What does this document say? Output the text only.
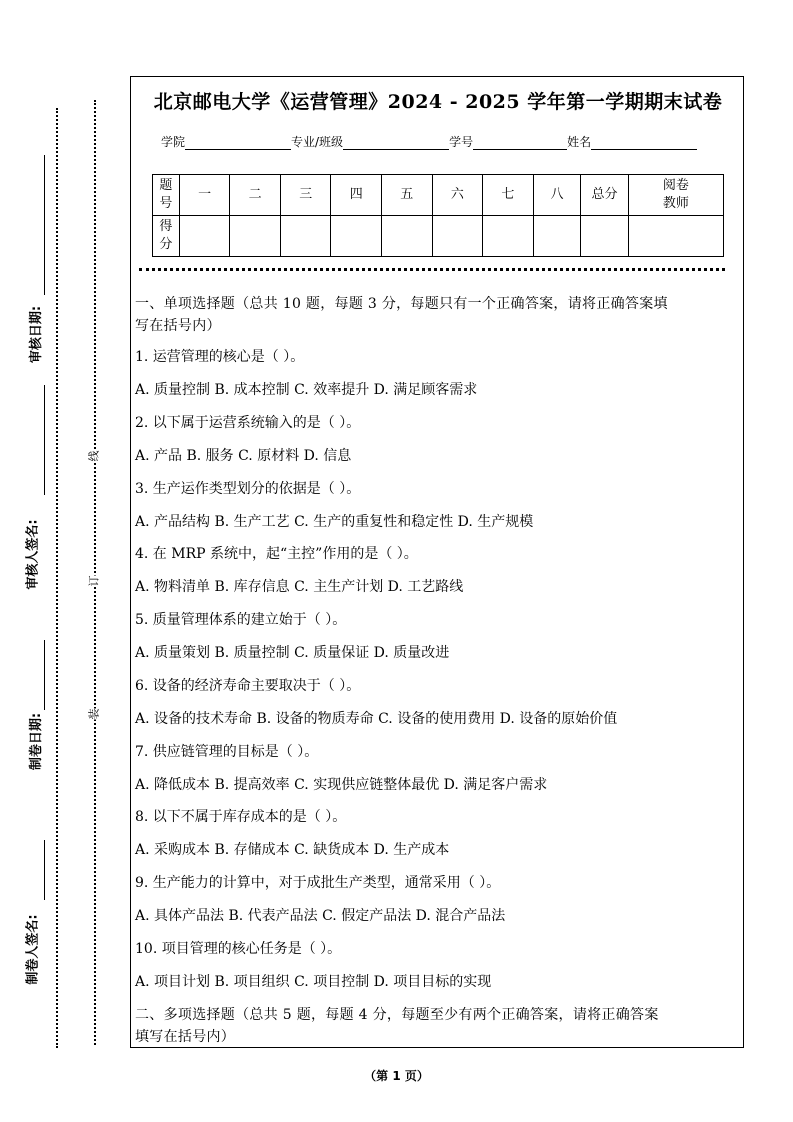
审核日期:
审核人签名:
制卷日期:
制卷人签名:
线
订
装
北京邮电大学《运营管理》2024 - 2025 学年第一学期期末试卷
学院	专业/班级	学号	姓名
题
号	一	二	三	四	五	六	七	八	总分	阅卷
教师
得
分										
一、单项选择题（总共 10 题，每题 3 分，每题只有一个正确答案，请将正确答案填
写在括号内）
1. 运营管理的核心是（ ）。
A. 质量控制 B. 成本控制 C. 效率提升 D. 满足顾客需求
2. 以下属于运营系统输入的是（ ）。
A. 产品 B. 服务 C. 原材料 D. 信息
3. 生产运作类型划分的依据是（ ）。
A. 产品结构 B. 生产工艺 C. 生产的重复性和稳定性 D. 生产规模
4. 在 MRP 系统中，起“主控”作用的是（ ）。
A. 物料清单 B. 库存信息 C. 主生产计划 D. 工艺路线
5. 质量管理体系的建立始于（ ）。
A. 质量策划 B. 质量控制 C. 质量保证 D. 质量改进
6. 设备的经济寿命主要取决于（ ）。
A. 设备的技术寿命 B. 设备的物质寿命 C. 设备的使用费用 D. 设备的原始价值
7. 供应链管理的目标是（ ）。
A. 降低成本 B. 提高效率 C. 实现供应链整体最优 D. 满足客户需求
8. 以下不属于库存成本的是（ ）。
A. 采购成本 B. 存储成本 C. 缺货成本 D. 生产成本
9. 生产能力的计算中，对于成批生产类型，通常采用（ ）。
A. 具体产品法 B. 代表产品法 C. 假定产品法 D. 混合产品法
10. 项目管理的核心任务是（ ）。
A. 项目计划 B. 项目组织 C. 项目控制 D. 项目目标的实现
二、多项选择题（总共 5 题，每题 4 分，每题至少有两个正确答案，请将正确答案
填写在括号内）
（第 1 页）
